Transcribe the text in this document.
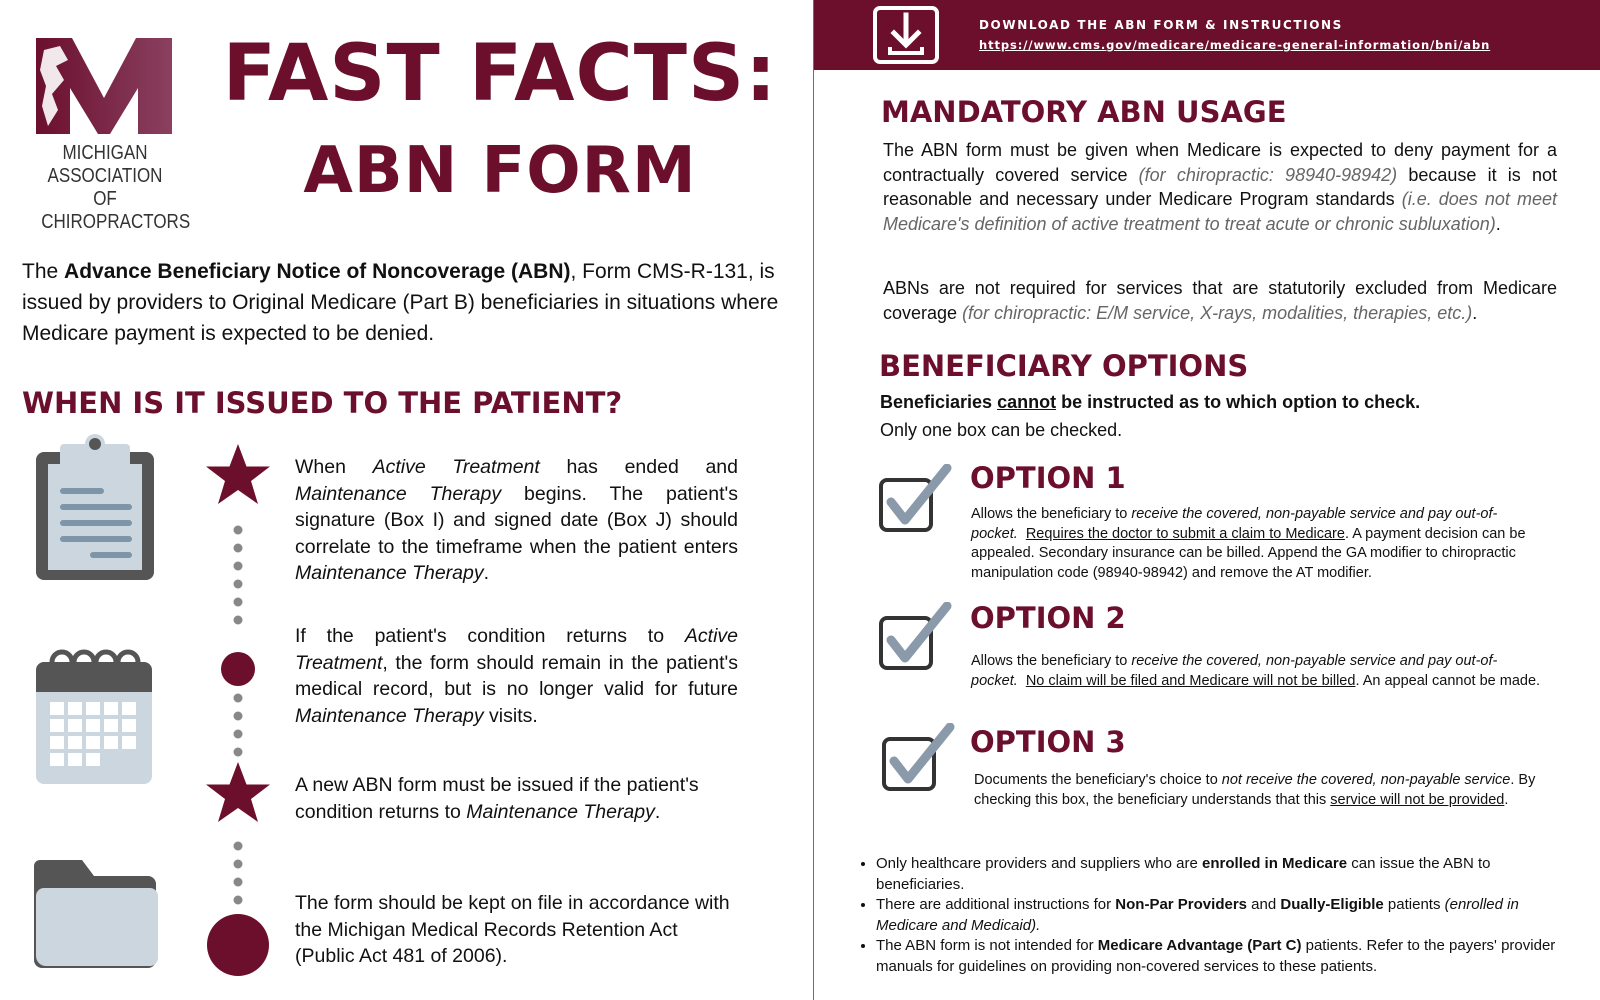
MICHIGAN
ASSOCIATION OF
CHIROPRACTORS
FAST FACTS:
ABN FORM
The Advance Beneficiary Notice of Noncoverage (ABN), Form CMS-R-131, is issued by providers to Original Medicare (Part B) beneficiaries in situations where Medicare payment is expected to be denied.
WHEN IS IT ISSUED TO THE PATIENT?
When Active Treatment has ended and Maintenance Therapy begins. The patient's signature (Box I) and signed date (Box J) should correlate to the timeframe when the patient enters Maintenance Therapy.
If the patient's condition returns to Active Treatment, the form should remain in the patient's medical record, but is no longer valid for future Maintenance Therapy visits.
A new ABN form must be issued if the patient's condition returns to Maintenance Therapy.
The form should be kept on file in accordance with the Michigan Medical Records Retention Act (Public Act 481 of 2006).
DOWNLOAD THE ABN FORM & INSTRUCTIONS
https://www.cms.gov/medicare/medicare-general-information/bni/abn
MANDATORY ABN USAGE
The ABN form must be given when Medicare is expected to deny payment for a contractually covered service (for chiropractic: 98940-98942) because it is not reasonable and necessary under Medicare Program standards (i.e. does not meet Medicare's definition of active treatment to treat acute or chronic subluxation).
ABNs are not required for services that are statutorily excluded from Medicare coverage (for chiropractic: E/M service, X-rays, modalities, therapies, etc.).
BENEFICIARY OPTIONS
Beneficiaries cannot be instructed as to which option to check.
Only one box can be checked.
OPTION 1
Allows the beneficiary to receive the covered, non-payable service and pay out-of-pocket. Requires the doctor to submit a claim to Medicare. A payment decision can be appealed. Secondary insurance can be billed. Append the GA modifier to chiropractic manipulation code (98940-98942) and remove the AT modifier.
OPTION 2
Allows the beneficiary to receive the covered, non-payable service and pay out-of-pocket. No claim will be filed and Medicare will not be billed. An appeal cannot be made.
OPTION 3
Documents the beneficiary's choice to not receive the covered, non-payable service. By checking this box, the beneficiary understands that this service will not be provided.
• Only healthcare providers and suppliers who are enrolled in Medicare can issue the ABN to beneficiaries.
• There are additional instructions for Non-Par Providers and Dually-Eligible patients (enrolled in Medicare and Medicaid).
• The ABN form is not intended for Medicare Advantage (Part C) patients. Refer to the payers' provider manuals for guidelines on providing non-covered services to these patients.
